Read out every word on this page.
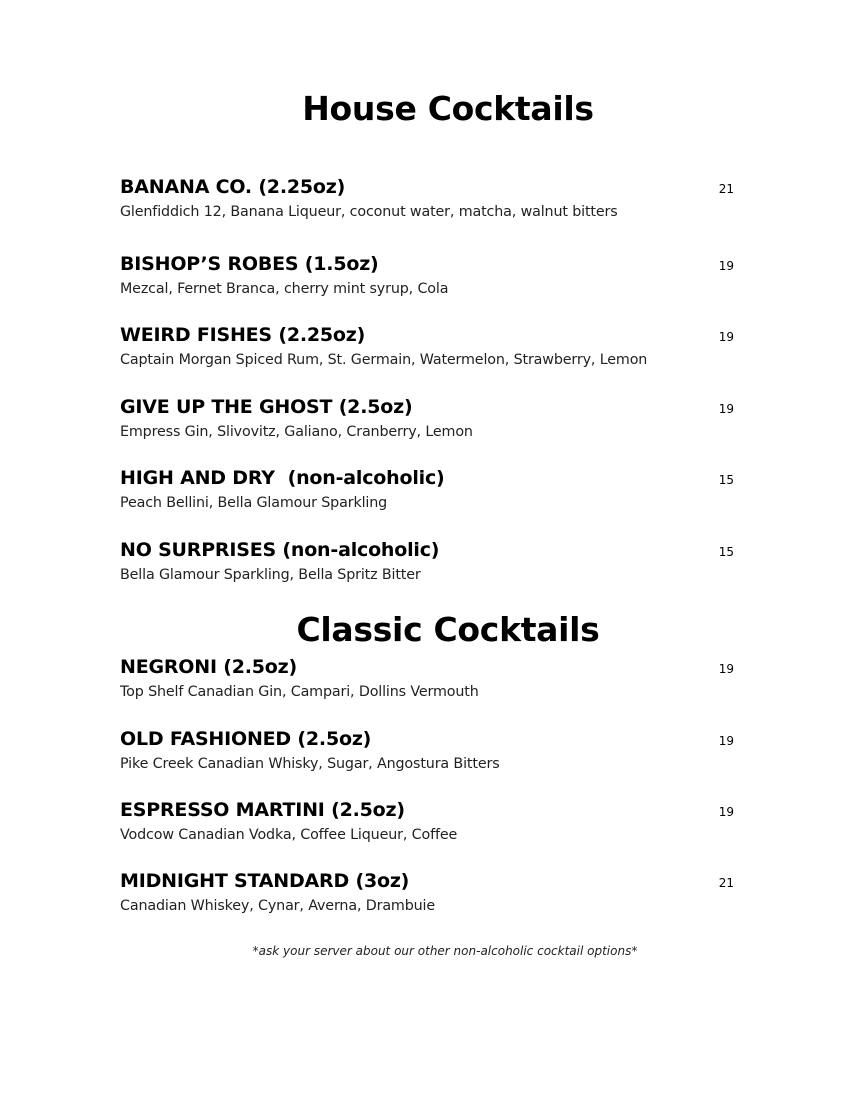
House Cocktails
BANANA CO. (2.25oz)	21
Glenfiddich 12, Banana Liqueur, coconut water, matcha, walnut bitters
BISHOP’S ROBES (1.5oz)	19
Mezcal, Fernet Branca, cherry mint syrup, Cola
WEIRD FISHES (2.25oz)	19
Captain Morgan Spiced Rum, St. Germain, Watermelon, Strawberry, Lemon
GIVE UP THE GHOST (2.5oz)	19
Empress Gin, Slivovitz, Galiano, Cranberry, Lemon
HIGH AND DRY  (non-alcoholic)	15
Peach Bellini, Bella Glamour Sparkling
NO SURPRISES (non-alcoholic)	15
Bella Glamour Sparkling, Bella Spritz Bitter
Classic Cocktails
NEGRONI (2.5oz)	19
Top Shelf Canadian Gin, Campari, Dollins Vermouth
OLD FASHIONED (2.5oz)	19
Pike Creek Canadian Whisky, Sugar, Angostura Bitters
ESPRESSO MARTINI (2.5oz)	19
Vodcow Canadian Vodka, Coffee Liqueur, Coffee
MIDNIGHT STANDARD (3oz)	21
Canadian Whiskey, Cynar, Averna, Drambuie
*ask your server about our other non-alcoholic cocktail options*
